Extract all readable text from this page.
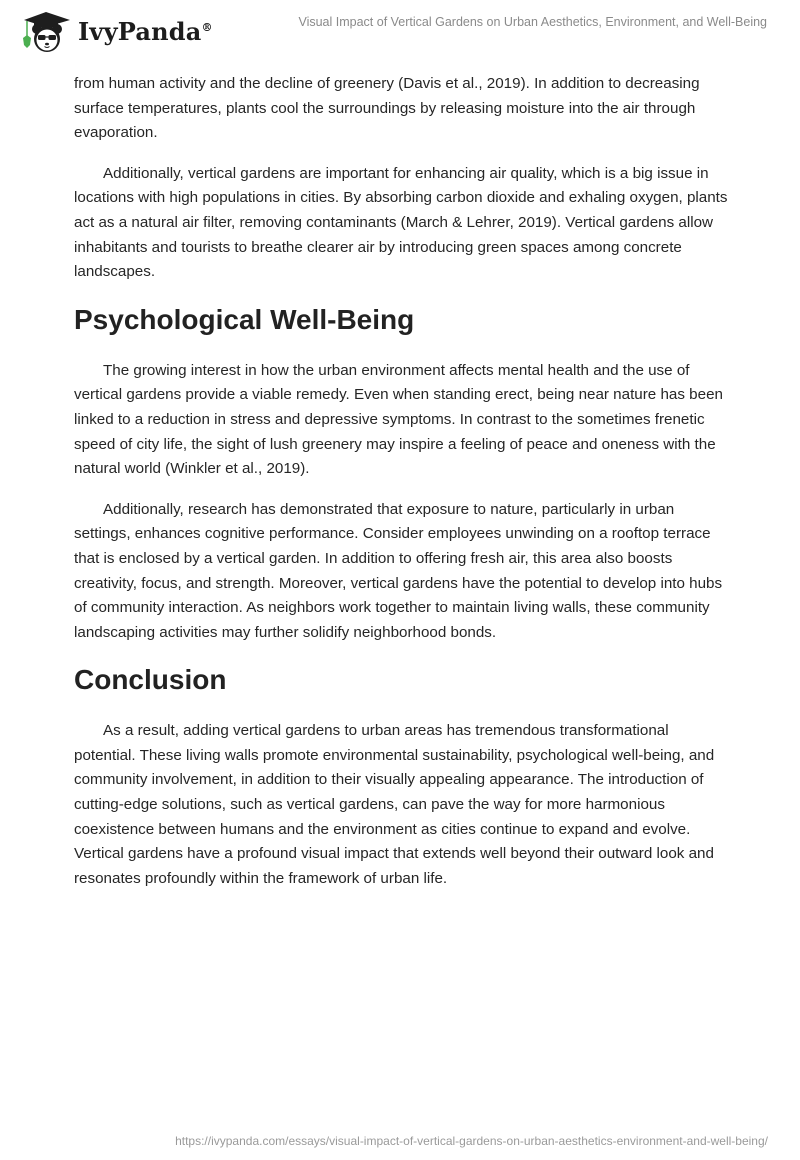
IvyPanda®	Visual Impact of Vertical Gardens on Urban Aesthetics, Environment, and Well-Being

from human activity and the decline of greenery (Davis et al., 2019). In addition to decreasing surface temperatures, plants cool the surroundings by releasing moisture into the air through evaporation.

Additionally, vertical gardens are important for enhancing air quality, which is a big issue in locations with high populations in cities. By absorbing carbon dioxide and exhaling oxygen, plants act as a natural air filter, removing contaminants (March & Lehrer, 2019). Vertical gardens allow inhabitants and tourists to breathe clearer air by introducing green spaces among concrete landscapes.

Psychological Well-Being

The growing interest in how the urban environment affects mental health and the use of vertical gardens provide a viable remedy. Even when standing erect, being near nature has been linked to a reduction in stress and depressive symptoms. In contrast to the sometimes frenetic speed of city life, the sight of lush greenery may inspire a feeling of peace and oneness with the natural world (Winkler et al., 2019).

Additionally, research has demonstrated that exposure to nature, particularly in urban settings, enhances cognitive performance. Consider employees unwinding on a rooftop terrace that is enclosed by a vertical garden. In addition to offering fresh air, this area also boosts creativity, focus, and strength. Moreover, vertical gardens have the potential to develop into hubs of community interaction. As neighbors work together to maintain living walls, these community landscaping activities may further solidify neighborhood bonds.

Conclusion

As a result, adding vertical gardens to urban areas has tremendous transformational potential. These living walls promote environmental sustainability, psychological well-being, and community involvement, in addition to their visually appealing appearance. The introduction of cutting-edge solutions, such as vertical gardens, can pave the way for more harmonious coexistence between humans and the environment as cities continue to expand and evolve. Vertical gardens have a profound visual impact that extends well beyond their outward look and resonates profoundly within the framework of urban life.

https://ivypanda.com/essays/visual-impact-of-vertical-gardens-on-urban-aesthetics-environment-and-well-being/
